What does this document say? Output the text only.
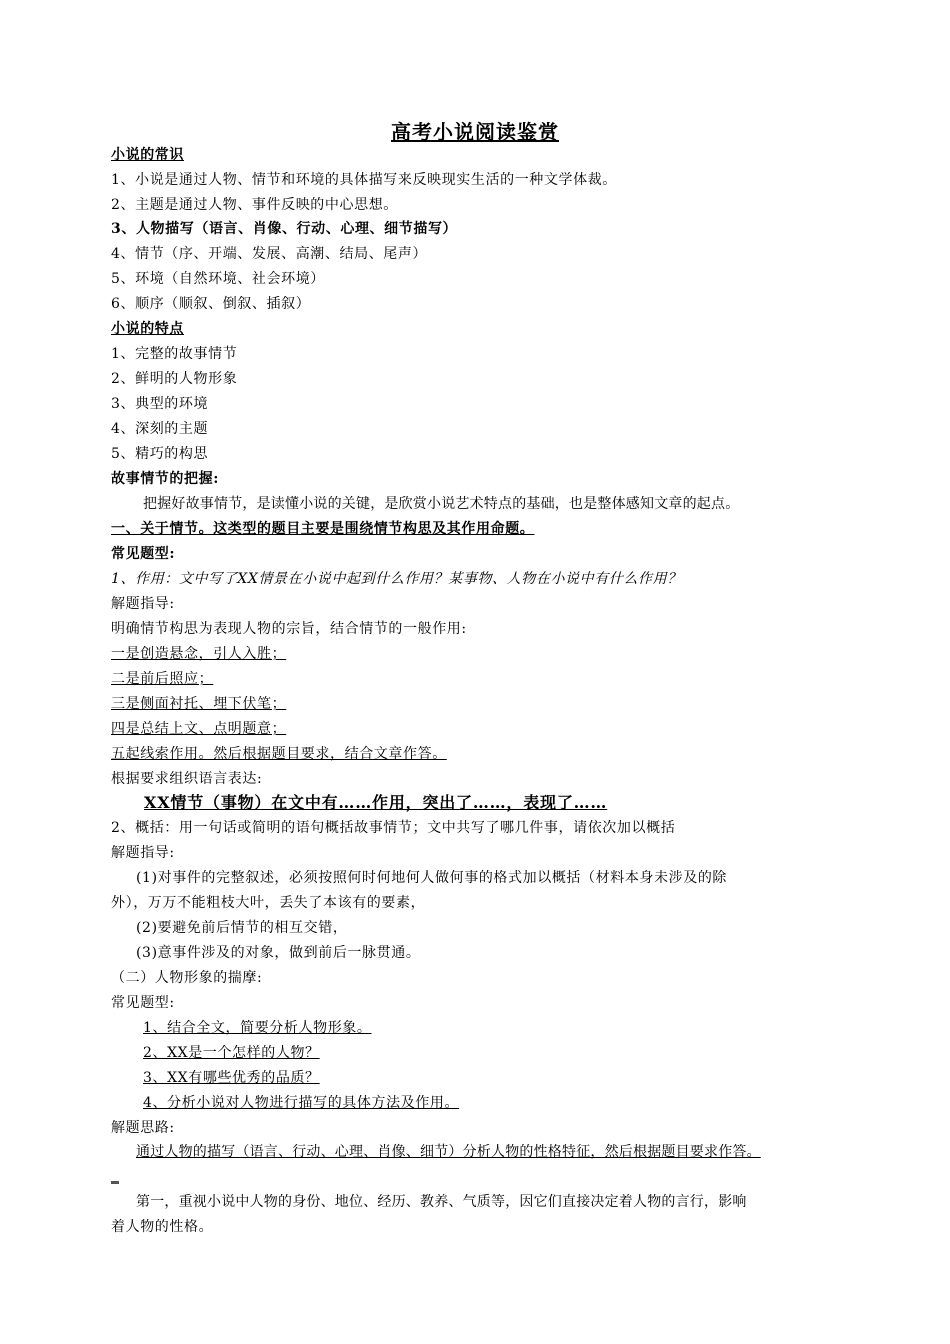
高考小说阅读鉴赏
小说的常识
1、小说是通过人物、情节和环境的具体描写来反映现实生活的一种文学体裁。
2、主题是通过人物、事件反映的中心思想。
3、人物描写（语言、肖像、行动、心理、细节描写）
4、情节（序、开端、发展、高潮、结局、尾声）
5、环境（自然环境、社会环境）
6、顺序（顺叙、倒叙、插叙）
小说的特点
1、完整的故事情节
2、鲜明的人物形象
3、典型的环境
4、深刻的主题
5、精巧的构思
故事情节的把握:
把握好故事情节，是读懂小说的关键，是欣赏小说艺术特点的基础，也是整体感知文章的起点。
一、关于情节。这类型的题目主要是围绕情节构思及其作用命题。
常见题型:
1、作用：文中写了XX情景在小说中起到什么作用？某事物、人物在小说中有什么作用？
解题指导:
明确情节构思为表现人物的宗旨，结合情节的一般作用:
一是创造悬念，引人入胜；
二是前后照应；
三是侧面衬托、埋下伏笔；
四是总结上文、点明题意；
五起线索作用。然后根据题目要求，结合文章作答。
根据要求组织语言表达:
XX情节（事物）在文中有……作用，突出了……，表现了……
2、概括：用一句话或简明的语句概括故事情节；文中共写了哪几件事，请依次加以概括
解题指导:
(1)对事件的完整叙述，必须按照何时何地何人做何事的格式加以概括（材料本身未涉及的除
外），万万不能粗枝大叶，丢失了本该有的要素，
(2)要避免前后情节的相互交错，
(3)意事件涉及的对象，做到前后一脉贯通。
（二）人物形象的揣摩:
常见题型:
1、结合全文，简要分析人物形象。
2、XX是一个怎样的人物？
3、XX有哪些优秀的品质？
4、分析小说对人物进行描写的具体方法及作用。
解题思路:
通过人物的描写（语言、行动、心理、肖像、细节）分析人物的性格特征，然后根据题目要求作答。
第一，重视小说中人物的身份、地位、经历、教养、气质等，因它们直接决定着人物的言行，影响
着人物的性格。
